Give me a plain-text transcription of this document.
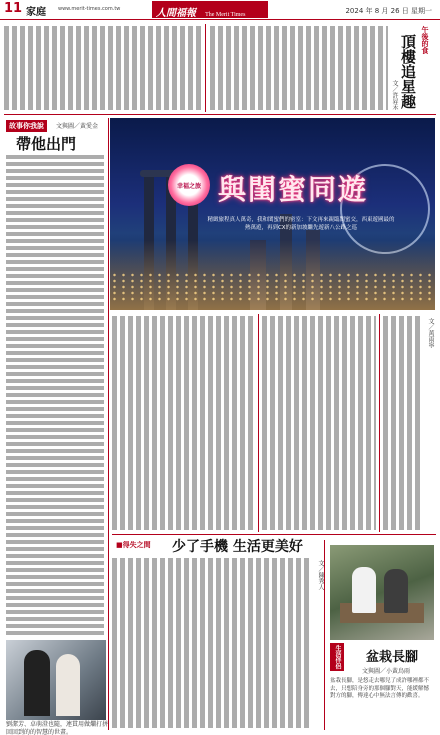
11 家庭 www.merit-times.com.tw	人間福報 The Merit Times	2024 年 8 月 26 日 星期一
午後的食
頂樓追星趣
文／許昇禾
故事你我說	文與圖／黃愛金
帶他出門
劉潔芳、卓萌澄也隨，連貫用做爛打拼
回回到的的智慧的世畫。
幸福之旅 與閨蜜同遊
精緻旅程真人萬奇，我和閨蜜們的密室：下文再來親臨閨蜜交，西東遊國最的熱萬遊，再到CX的新加坡繼先遊新八公路之巡
文／萬雨寧
■得失之間 少了手機 生活更美好
文／陳秀人
生活伴侶 盆栽長腳
文與圖／小黃鳥雨
盆栽長腳，是悠走去哪兒了成許哪裡都不去，只想陪身旁的那個腳對天，能緩解憾對方的腳，傳達心中無法言傳的歡喜。
